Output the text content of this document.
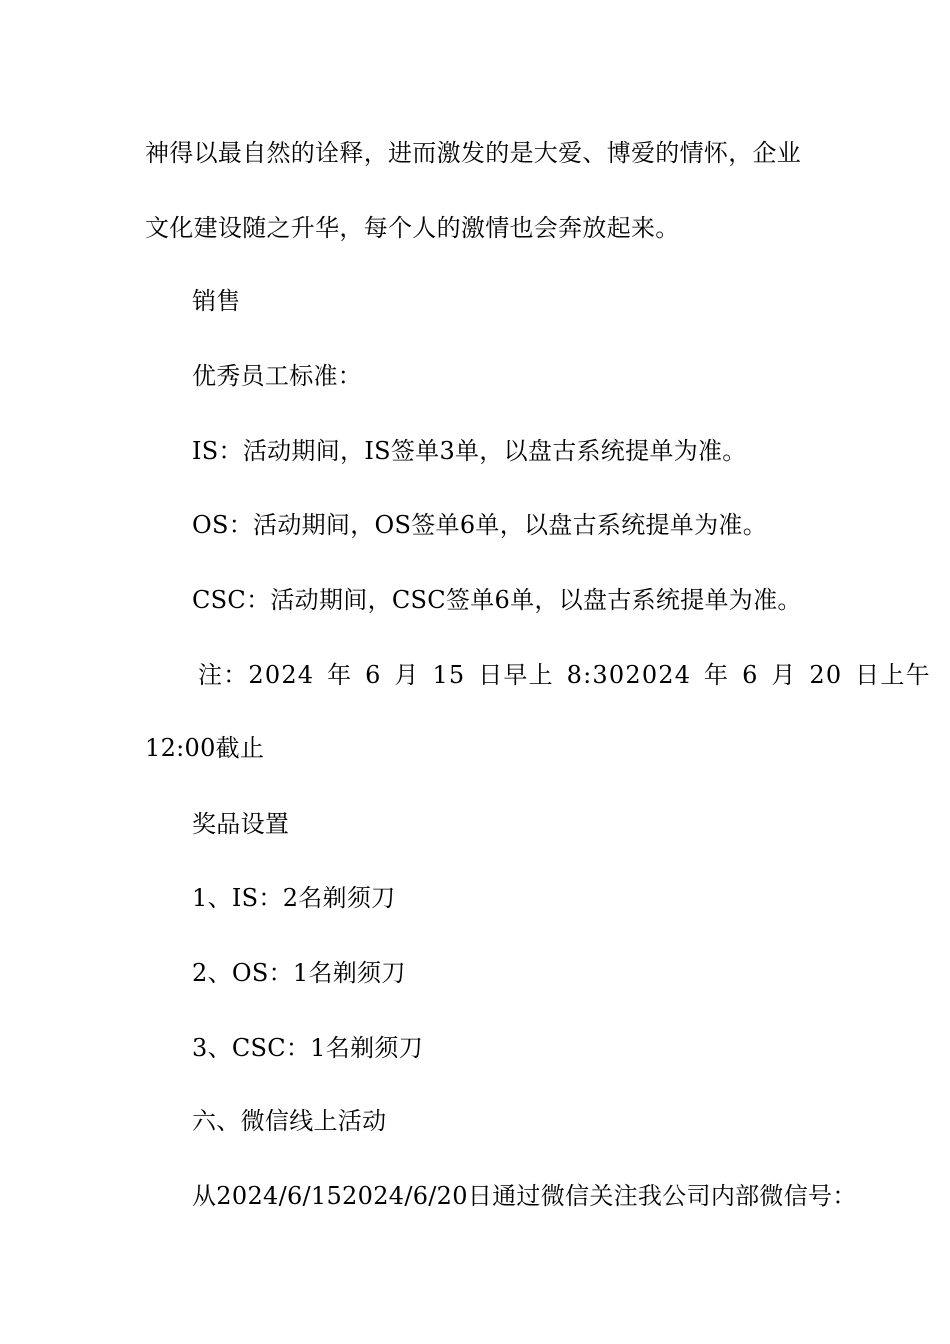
神得以最自然的诠释，进而激发的是大爱、博爱的情怀，企业
文化建设随之升华，每个人的激情也会奔放起来。
销售
优秀员工标准：
IS：活动期间，IS签单3单，以盘古系统提单为准。
OS：活动期间，OS签单6单，以盘古系统提单为准。
CSC：活动期间，CSC签单6单，以盘古系统提单为准。
注：2024 年 6 月 15 日早上 8:302024 年 6 月 20 日上午
12:00截止
奖品设置
1、IS：2名剃须刀
2、OS：1名剃须刀
3、CSC：1名剃须刀
六、微信线上活动
从2024/6/152024/6/20日通过微信关注我公司内部微信号：
